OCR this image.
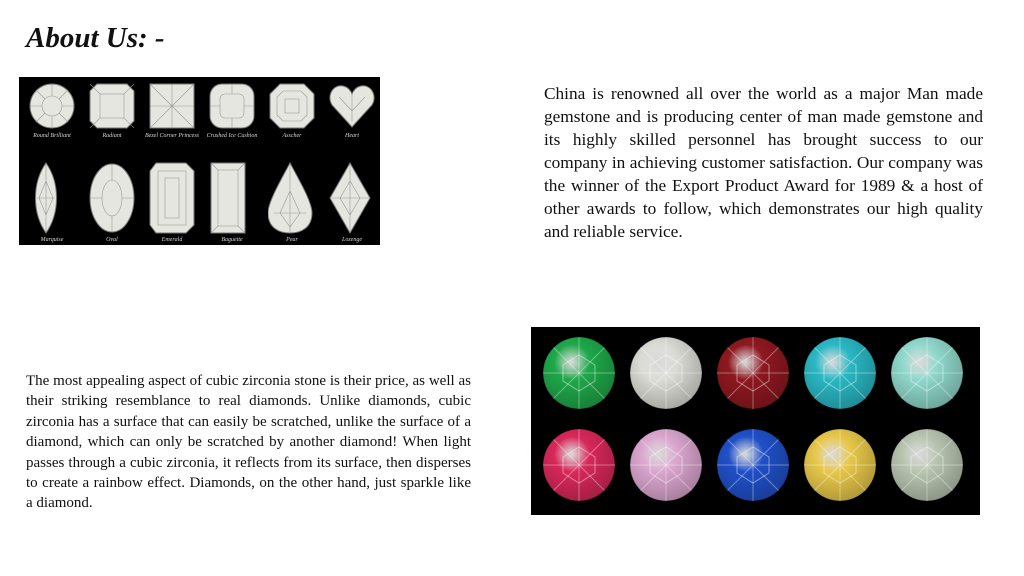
About Us: -
Round Brilliant	Radiant	Bezel Corner Princess	Crushed Ice Cushion	Asscher	Heart
Marquise	Oval	Emerald	Baguette	Pear	Lozenge

China is renowned all over the world as a major Man made gemstone and is producing center of man made gemstone and its highly skilled personnel has brought success to our company in achieving customer satisfaction. Our company was the winner of the Export Product Award for 1989 & a host of other awards to follow, which demonstrates our high quality and reliable service.

The most appealing aspect of cubic zirconia stone is their price, as well as their striking resemblance to real diamonds. Unlike diamonds, cubic zirconia has a surface that can easily be scratched, unlike the surface of a diamond, which can only be scratched by another diamond! When light passes through a cubic zirconia, it reflects from its surface, then disperses to create a rainbow effect. Diamonds, on the other hand, just sparkle like a diamond.
